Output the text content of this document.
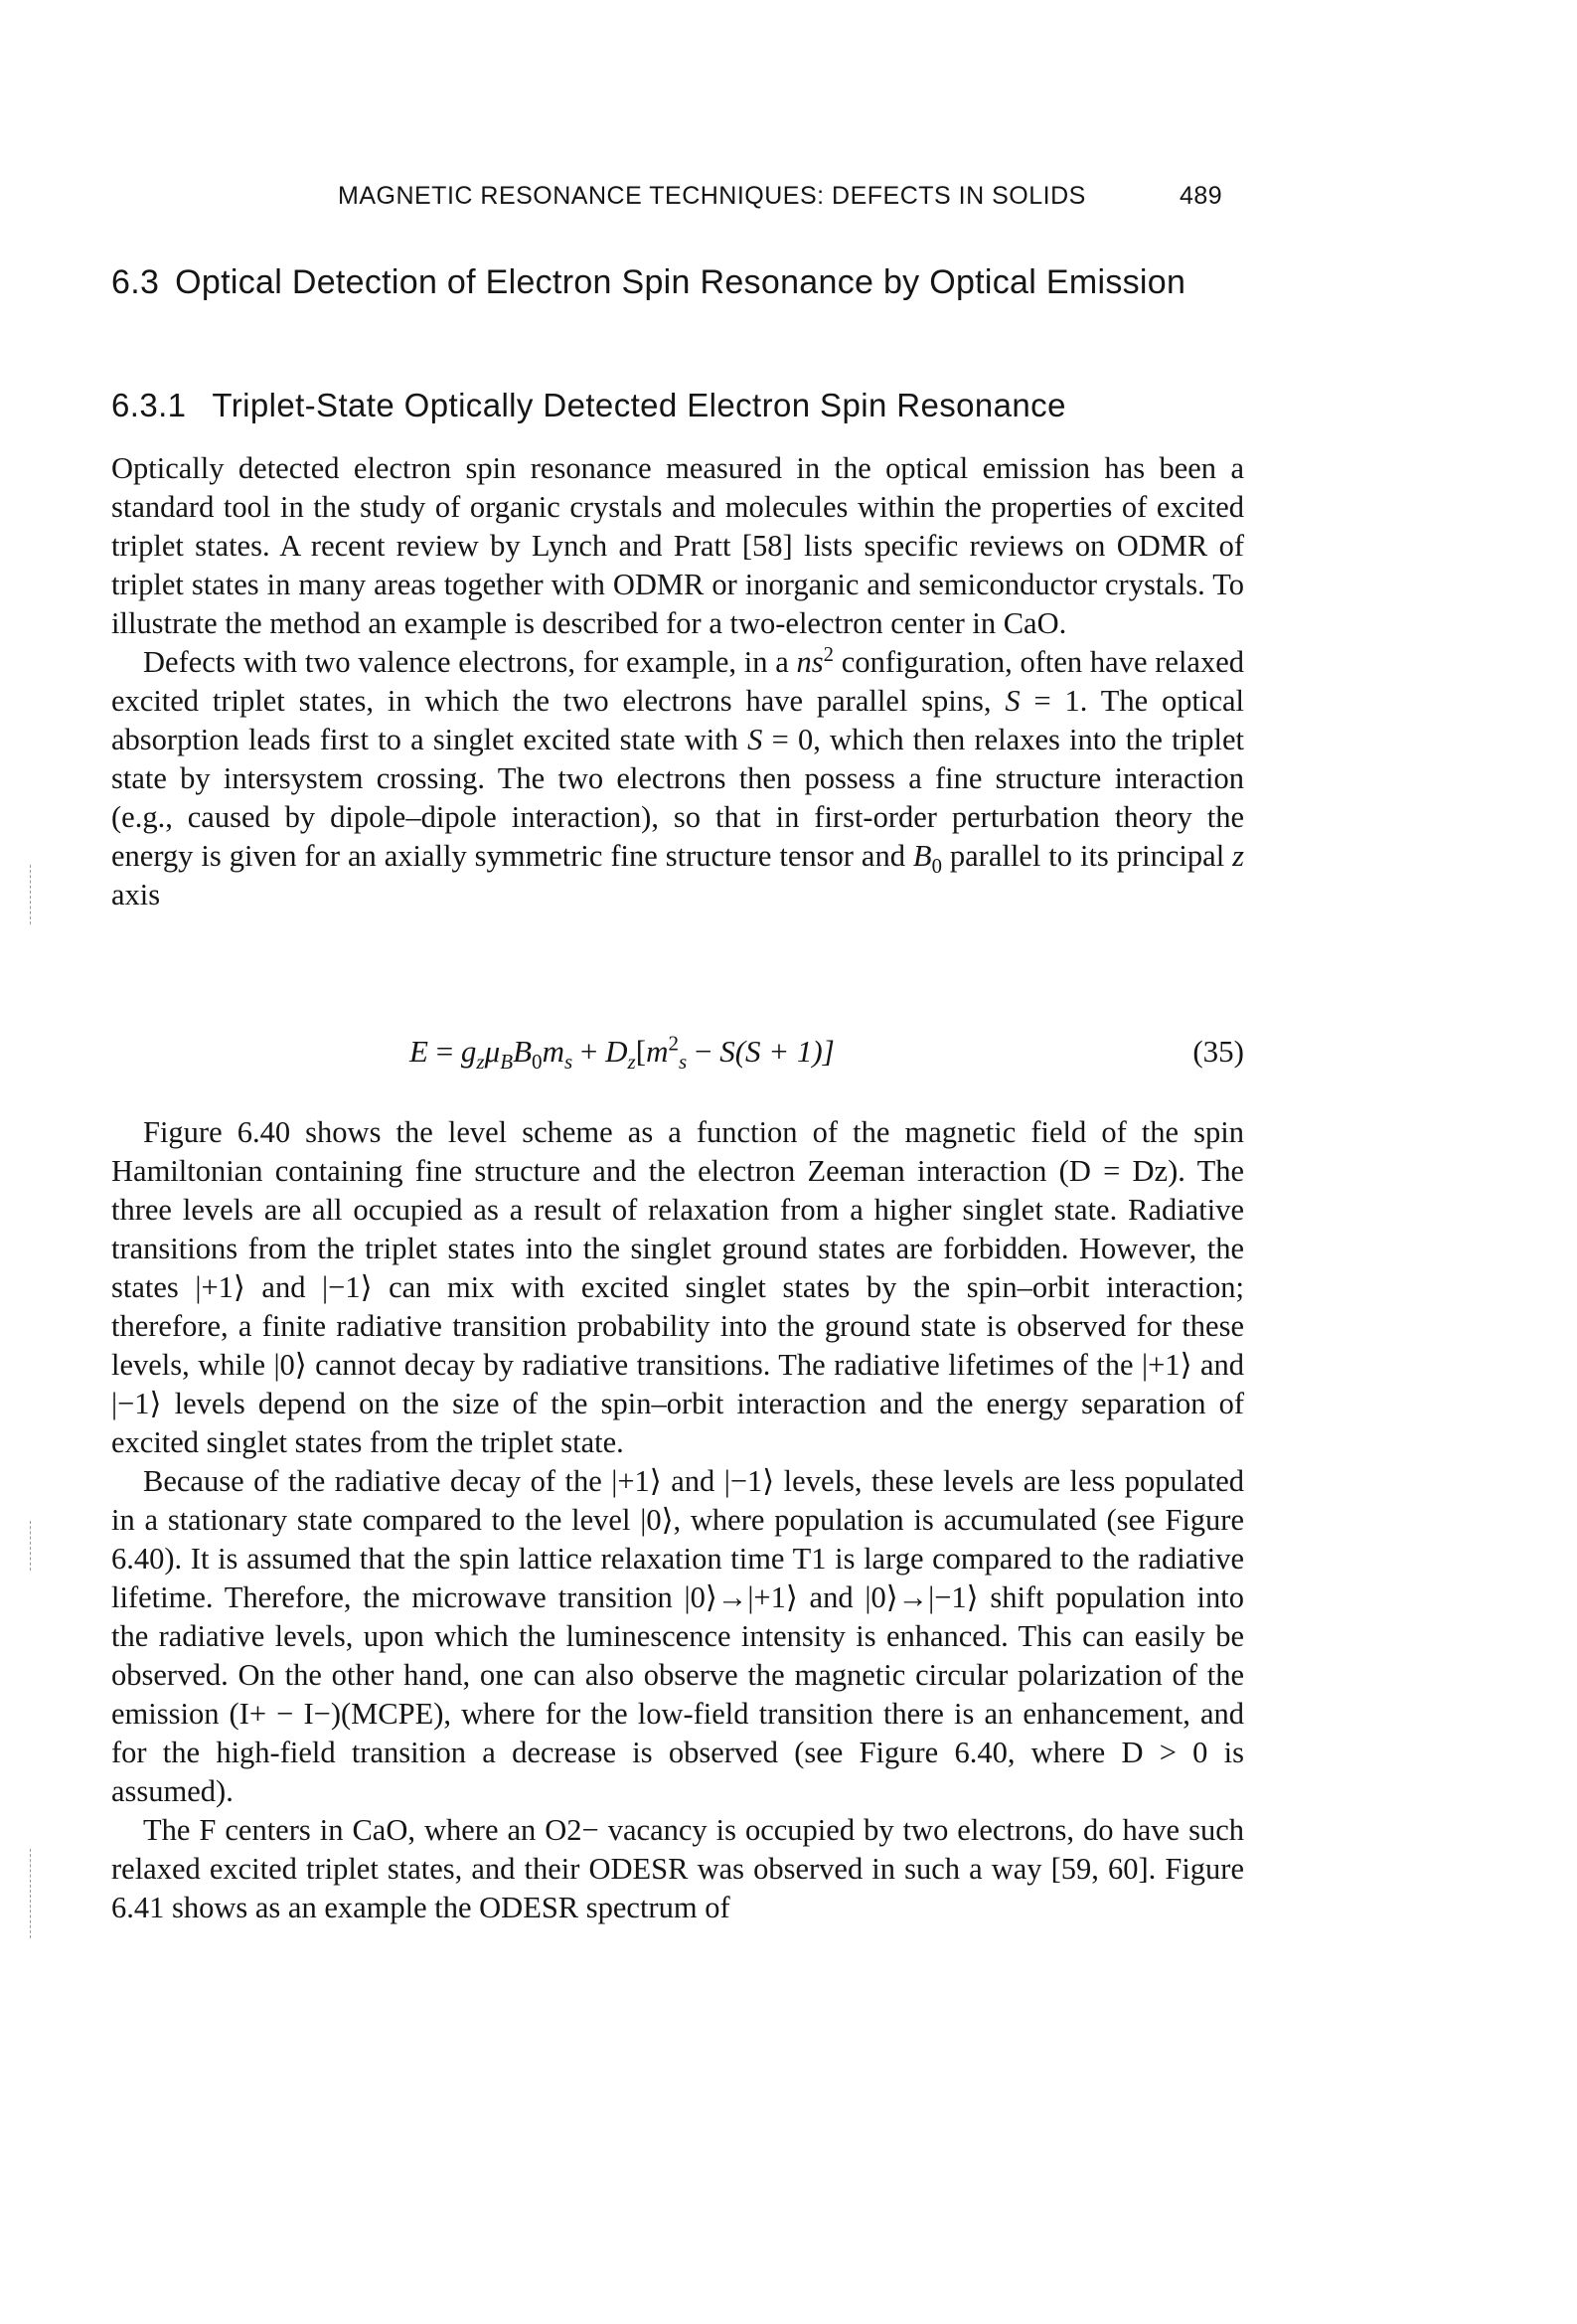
MAGNETIC RESONANCE TECHNIQUES: DEFECTS IN SOLIDS	489
6.3 Optical Detection of Electron Spin Resonance by Optical Emission
6.3.1 Triplet-State Optically Detected Electron Spin Resonance

Optically detected electron spin resonance measured in the optical emission has been a standard tool in the study of organic crystals and molecules within the properties of excited triplet states. A recent review by Lynch and Pratt [58] lists specific reviews on ODMR of triplet states in many areas together with ODMR or inorganic and semiconductor crystals. To illustrate the method an example is described for a two-electron center in CaO.

Defects with two valence electrons, for example, in a $ns^2$ configuration, often have relaxed excited triplet states, in which the two electrons have parallel spins, S = 1. The optical absorption leads first to a singlet excited state with S = 0, which then relaxes into the triplet state by intersystem crossing. The two electrons then possess a fine structure interaction (e.g., caused by dipole–dipole interaction), so that in first-order perturbation theory the energy is given for an axially symmetric fine structure tensor and $B_0$ parallel to its principal z axis

$E = g_z\mu_BB_0m_s + D_z[m^2_s - S(S + 1)]$	(35)

Figure 6.40 shows the level scheme as a function of the magnetic field of the spin Hamiltonian containing fine structure and the electron Zeeman interaction (D = Dz). The three levels are all occupied as a result of relaxation from a higher singlet state. Radiative transitions from the triplet states into the singlet ground states are forbidden. However, the states |+1⟩ and |−1⟩ can mix with excited singlet states by the spin–orbit interaction; therefore, a finite radiative transition probability into the ground state is observed for these levels, while |0⟩ cannot decay by radiative transitions. The radiative lifetimes of the |+1⟩ and |−1⟩ levels depend on the size of the spin–orbit interaction and the energy separation of excited singlet states from the triplet state.

Because of the radiative decay of the |+1⟩ and |−1⟩ levels, these levels are less populated in a stationary state compared to the level |0⟩, where population is accumulated (see Figure 6.40). It is assumed that the spin lattice relaxation time T1 is large compared to the radiative lifetime. Therefore, the microwave transition |0⟩→|+1⟩ and |0⟩→|−1⟩ shift population into the radiative levels, upon which the luminescence intensity is enhanced. This can easily be observed. On the other hand, one can also observe the magnetic circular polarization of the emission (I+ − I−)(MCPE), where for the low-field transition there is an enhancement, and for the high-field transition a decrease is observed (see Figure 6.40, where D > 0 is assumed).

The F centers in CaO, where an O2− vacancy is occupied by two electrons, do have such relaxed excited triplet states, and their ODESR was observed in such a way [59, 60]. Figure 6.41 shows as an example the ODESR spectrum of
